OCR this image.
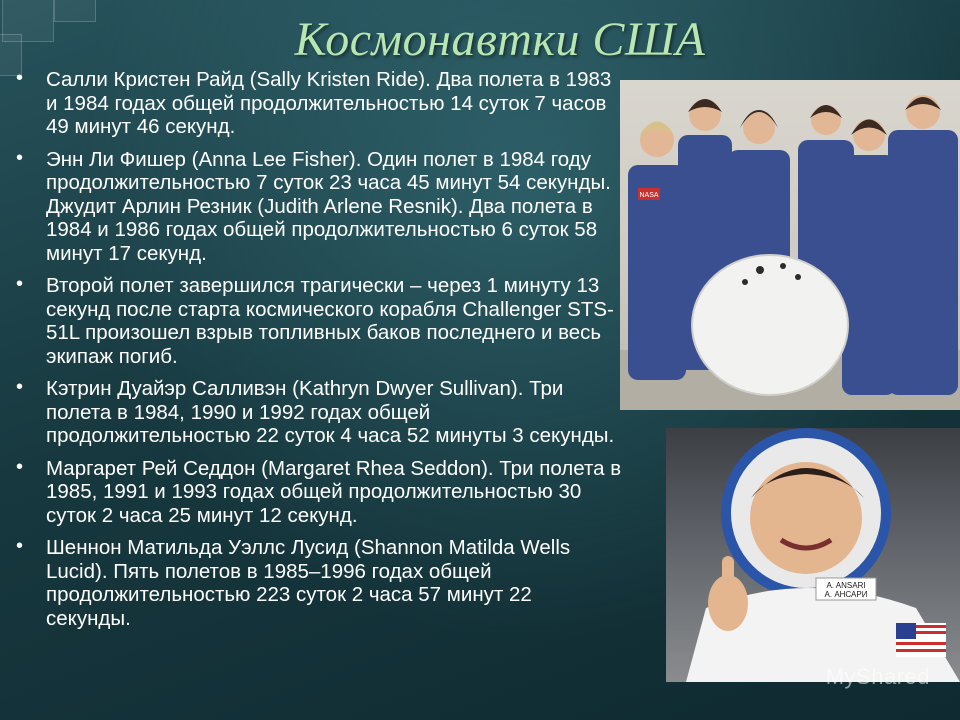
Космонавтки США
• Салли Кристен Райд (Sally Kristen Ride). Два полета в 1983 и 1984 годах общей продолжительностью 14 суток 7 часов 49 минут 46 секунд.
• Энн Ли Фишер (Anna Lee Fisher). Один полет в 1984 году продолжительностью 7 суток 23 часа 45 минут 54 секунды.
Джудит Арлин Резник (Judith Arlene Resnik). Два полета в 1984 и 1986 годах общей продолжительностью 6 суток 58 минут 17 секунд.
• Второй полет завершился трагически – через 1 минуту 13 секунд после старта космического корабля Challenger STS-51L произошел взрыв топливных баков последнего и весь экипаж погиб.
• Кэтрин Дуайэр Салливэн (Kathryn Dwyer Sullivan). Три полета в 1984, 1990 и 1992 годах общей продолжительностью 22 суток 4 часа 52 минуты 3 секунды.
• Маргарет Рей Седдон (Margaret Rhea Seddon). Три полета в 1985, 1991 и 1993 годах общей продолжительностью 30 суток 2 часа 25 минут 12 секунд.
• Шеннон Матильда Уэллс Лусид (Shannon Matilda Wells Lucid). Пять полетов в 1985–1996 годах общей продолжительностью 223 суток 2 часа 57 минут 22 секунды.
NASA
A. ANSARI
А. АНСАРИ
MyShared
